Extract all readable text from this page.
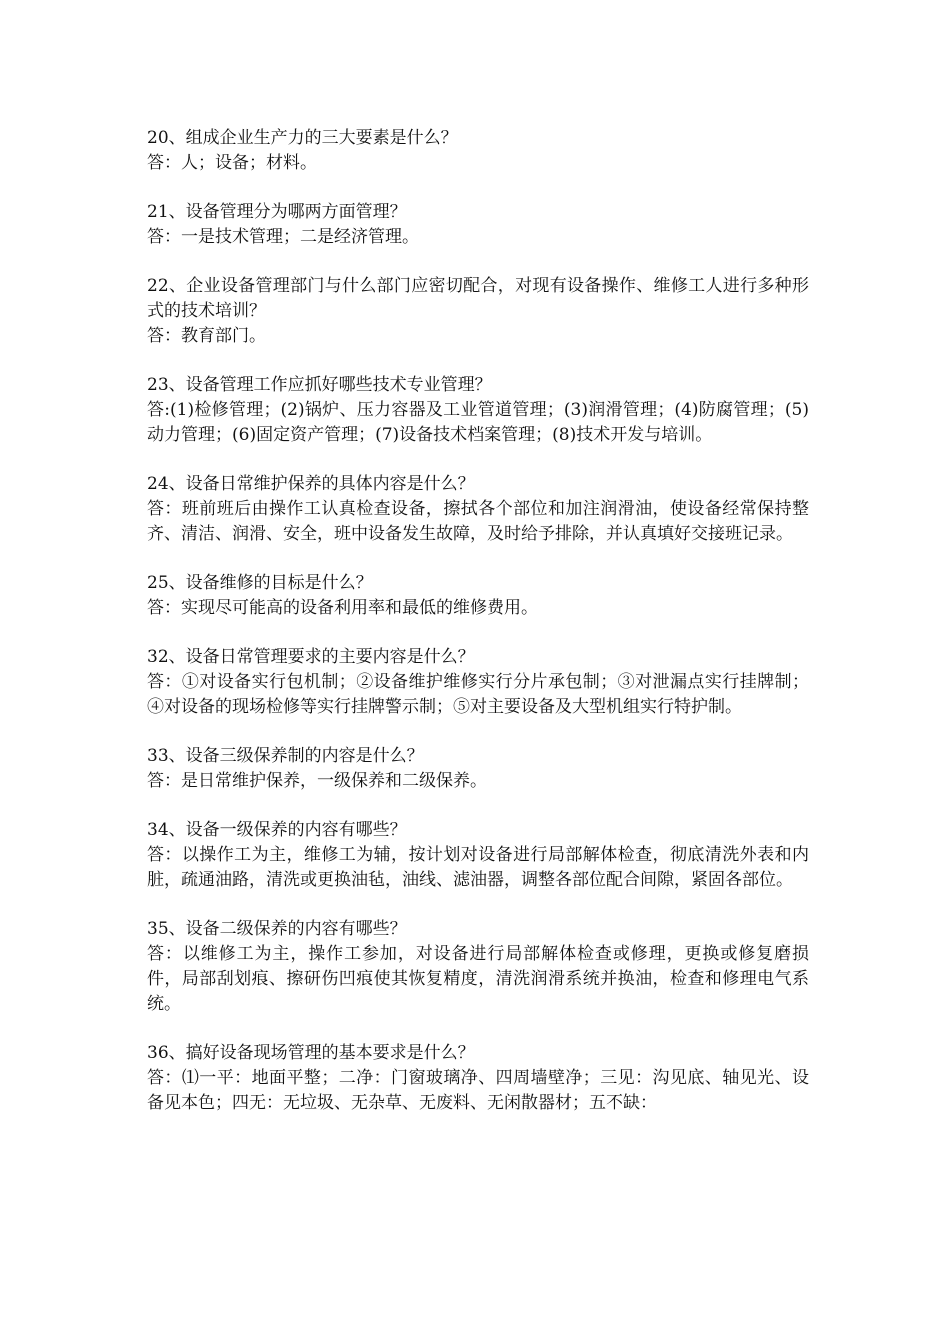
20、组成企业生产力的三大要素是什么？

答：人；设备；材料。

21、设备管理分为哪两方面管理？

答：一是技术管理；二是经济管理。

22、企业设备管理部门与什么部门应密切配合，对现有设备操作、维修工人进行多种形式的技术培训？

答：教育部门。

23、设备管理工作应抓好哪些技术专业管理？

答:(1)检修管理；(2)锅炉、压力容器及工业管道管理；(3)润滑管理；(4)防腐管理；(5)动力管理；(6)固定资产管理；(7)设备技术档案管理；(8)技术开发与培训。

24、设备日常维护保养的具体内容是什么？

答：班前班后由操作工认真检查设备，擦拭各个部位和加注润滑油，使设备经常保持整齐、清洁、润滑、安全，班中设备发生故障，及时给予排除，并认真填好交接班记录。

25、设备维修的目标是什么？

答：实现尽可能高的设备利用率和最低的维修费用。

32、设备日常管理要求的主要内容是什么？

答：①对设备实行包机制；②设备维护维修实行分片承包制；③对泄漏点实行挂牌制；④对设备的现场检修等实行挂牌警示制；⑤对主要设备及大型机组实行特护制。

33、设备三级保养制的内容是什么？

答：是日常维护保养，一级保养和二级保养。

34、设备一级保养的内容有哪些？

答：以操作工为主，维修工为辅，按计划对设备进行局部解体检查，彻底清洗外表和内脏，疏通油路，清洗或更换油毡，油线、滤油器，调整各部位配合间隙，紧固各部位。

35、设备二级保养的内容有哪些？

答：以维修工为主，操作工参加，对设备进行局部解体检查或修理，更换或修复磨损件，局部刮划痕、擦研伤凹痕使其恢复精度，清洗润滑系统并换油，检查和修理电气系统。

36、搞好设备现场管理的基本要求是什么？

答：⑴一平：地面平整；二净：门窗玻璃净、四周墙壁净；三见：沟见底、轴见光、设备见本色；四无：无垃圾、无杂草、无废料、无闲散器材；五不缺：
